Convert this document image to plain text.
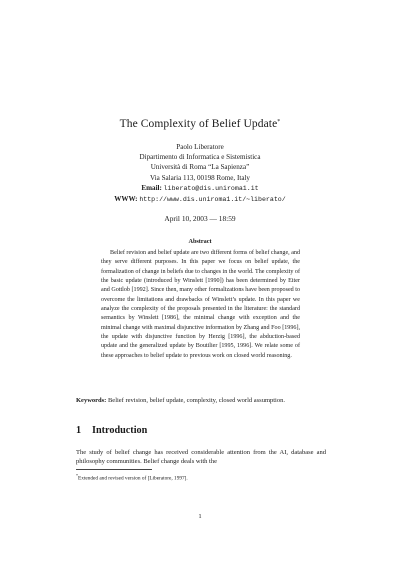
The Complexity of Belief Update*
Paolo Liberatore
Dipartimento di Informatica e Sistemistica
Università di Roma “La Sapienza”
Via Salaria 113, 00198 Rome, Italy
Email: liberato@dis.uniroma1.it
WWW: http://www.dis.uniroma1.it/~liberato/
April 10, 2003 — 18:59
Abstract
Belief revision and belief update are two different forms of belief change, and they serve different purposes. In this paper we focus on belief update, the formalization of change in beliefs due to changes in the world. The complexity of the basic update (introduced by Winslett [1990]) has been determined by Eiter and Gottlob [1992]. Since then, many other formalizations have been proposed to overcome the limitations and drawbacks of Winslett’s update. In this paper we analyze the complexity of the proposals presented in the literature: the standard semantics by Winslett [1986], the minimal change with exception and the minimal change with maximal disjunctive information by Zhang and Foo [1996], the update with disjunctive function by Herzig [1996], the abduction-based update and the generalized update by Boutilier [1995, 1996]. We relate some of these approaches to belief update to previous work on closed world reasoning.
Keywords: Belief revision, belief update, complexity, closed world assumption.
1 Introduction
The study of belief change has received considerable attention from the AI, database and philosophy communities. Belief change deals with the
*Extended and revised version of [Liberatore, 1997].
1
